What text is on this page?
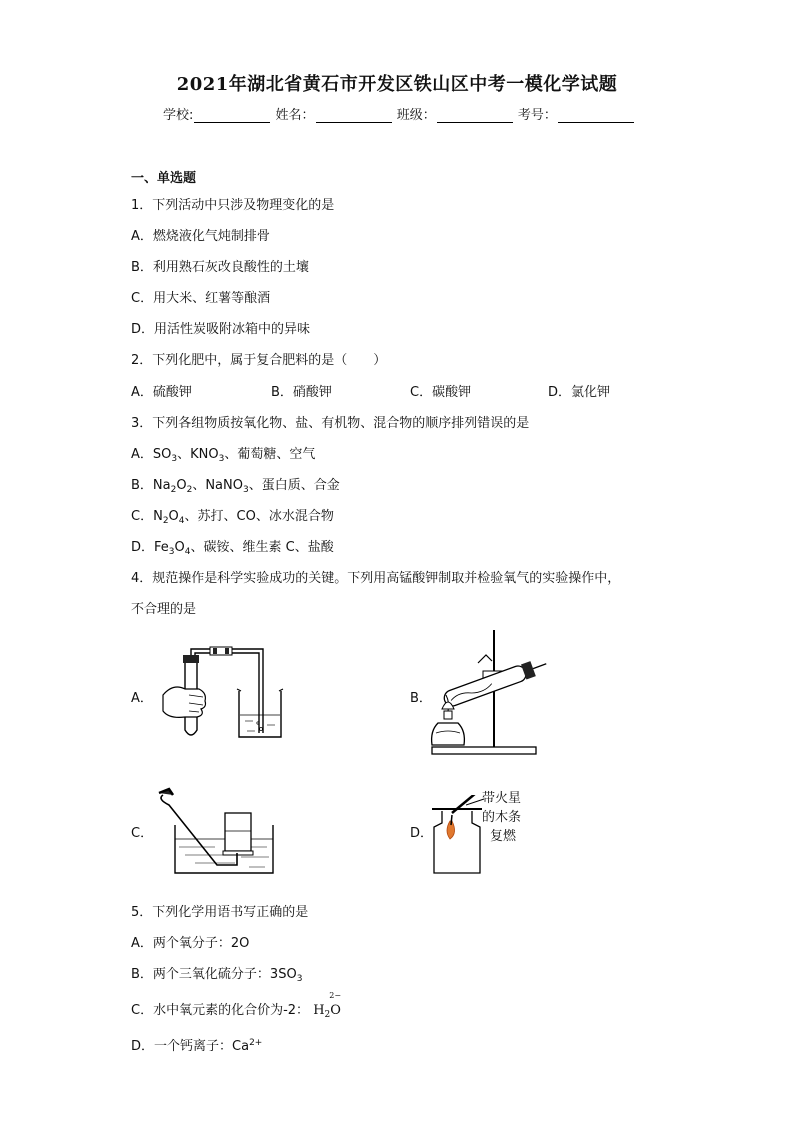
2021年湖北省黄石市开发区铁山区中考一模化学试题
学校:	姓名：	班级：	考号：
一、单选题
1．下列活动中只涉及物理变化的是
A．燃烧液化气炖制排骨
B．利用熟石灰改良酸性的土壤
C．用大米、红薯等酿酒
D．用活性炭吸附冰箱中的异味
2．下列化肥中，属于复合肥料的是（　　）
A．硫酸钾	B．硝酸钾	C．碳酸钾	D．氯化钾
3．下列各组物质按氧化物、盐、有机物、混合物的顺序排列错误的是
A．$SO_3$、$KNO_3$、葡萄糖、空气
B．$Na_2O_2$、NaNO$_3$、蛋白质、合金
C．$N_2O_4$、苏打、CO、冰水混合物
D．$Fe_3O_4$、碳铵、维生素 C、盐酸
4．规范操作是科学实验成功的关键。下列用高锰酸钾制取并检验氧气的实验操作中，
不合理的是
A．	B．
C．	D．
带火星
的木条
复燃
5．下列化学用语书写正确的是
A．两个氧分子：2O
B．两个三氧化硫分子：$3SO_3$
C．水中氧元素的化合价为-2： $H_2$
2−
O
D．一个钙离子：$Ca^{2+}$
